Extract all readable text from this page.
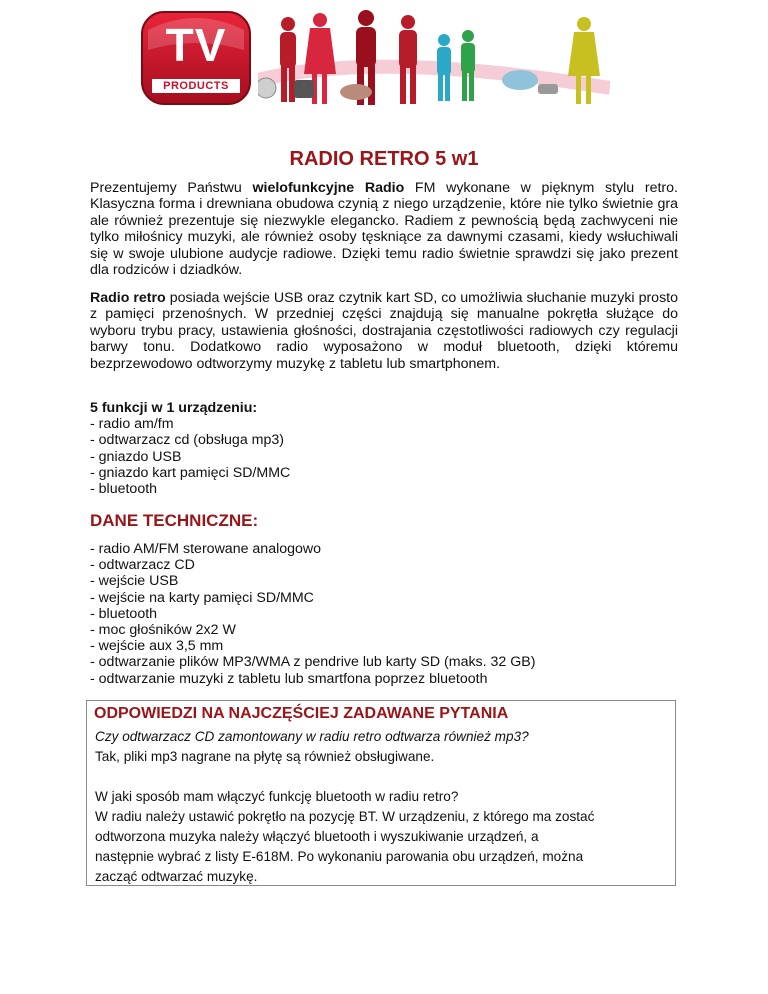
TV
PRODUCTS
RADIO RETRO 5 w1
Prezentujemy Państwu wielofunkcyjne Radio FM wykonane w pięknym stylu retro. Klasyczna forma i drewniana obudowa czynią z niego urządzenie, które nie tylko świetnie gra ale również prezentuje się niezwykle elegancko. Radiem z pewnością będą zachwyceni nie tylko miłośnicy muzyki, ale również osoby tęskniące za dawnymi czasami, kiedy wsłuchiwali się w swoje ulubione audycje radiowe. Dzięki temu radio świetnie sprawdzi się jako prezent dla rodziców i dziadków.
Radio retro posiada wejście USB oraz czytnik kart SD, co umożliwia słuchanie muzyki prosto z pamięci przenośnych. W przedniej części znajdują się manualne pokrętła służące do wyboru trybu pracy, ustawienia głośności, dostrajania częstotliwości radiowych czy regulacji barwy tonu. Dodatkowo radio wyposażono w moduł bluetooth, dzięki któremu bezprzewodowo odtworzymy muzykę z tabletu lub smartphonem.
5 funkcji w 1 urządzeniu:
- radio am/fm
- odtwarzacz cd (obsługa mp3)
- gniazdo USB
- gniazdo kart pamięci SD/MMC
- bluetooth
DANE TECHNICZNE:
- radio AM/FM sterowane analogowo
- odtwarzacz CD
- wejście USB
- wejście na karty pamięci SD/MMC
- bluetooth
- moc głośników 2x2 W
- wejście aux 3,5 mm
- odtwarzanie plików MP3/WMA z pendrive lub karty SD (maks. 32 GB)
- odtwarzanie muzyki z tabletu lub smartfona poprzez bluetooth
ODPOWIEDZI NA NAJCZĘŚCIEJ ZADAWANE PYTANIA
Czy odtwarzacz CD zamontowany w radiu retro odtwarza również mp3?
Tak, pliki mp3 nagrane na płytę są również obsługiwane.
W jaki sposób mam włączyć funkcję bluetooth w radiu retro?
W radiu należy ustawić pokrętło na pozycję BT. W urządzeniu, z którego ma zostać
odtworzona muzyka należy włączyć bluetooth i wyszukiwanie urządzeń, a
następnie wybrać z listy E-618M. Po wykonaniu parowania obu urządzeń, można
zacząć odtwarzać muzykę.
